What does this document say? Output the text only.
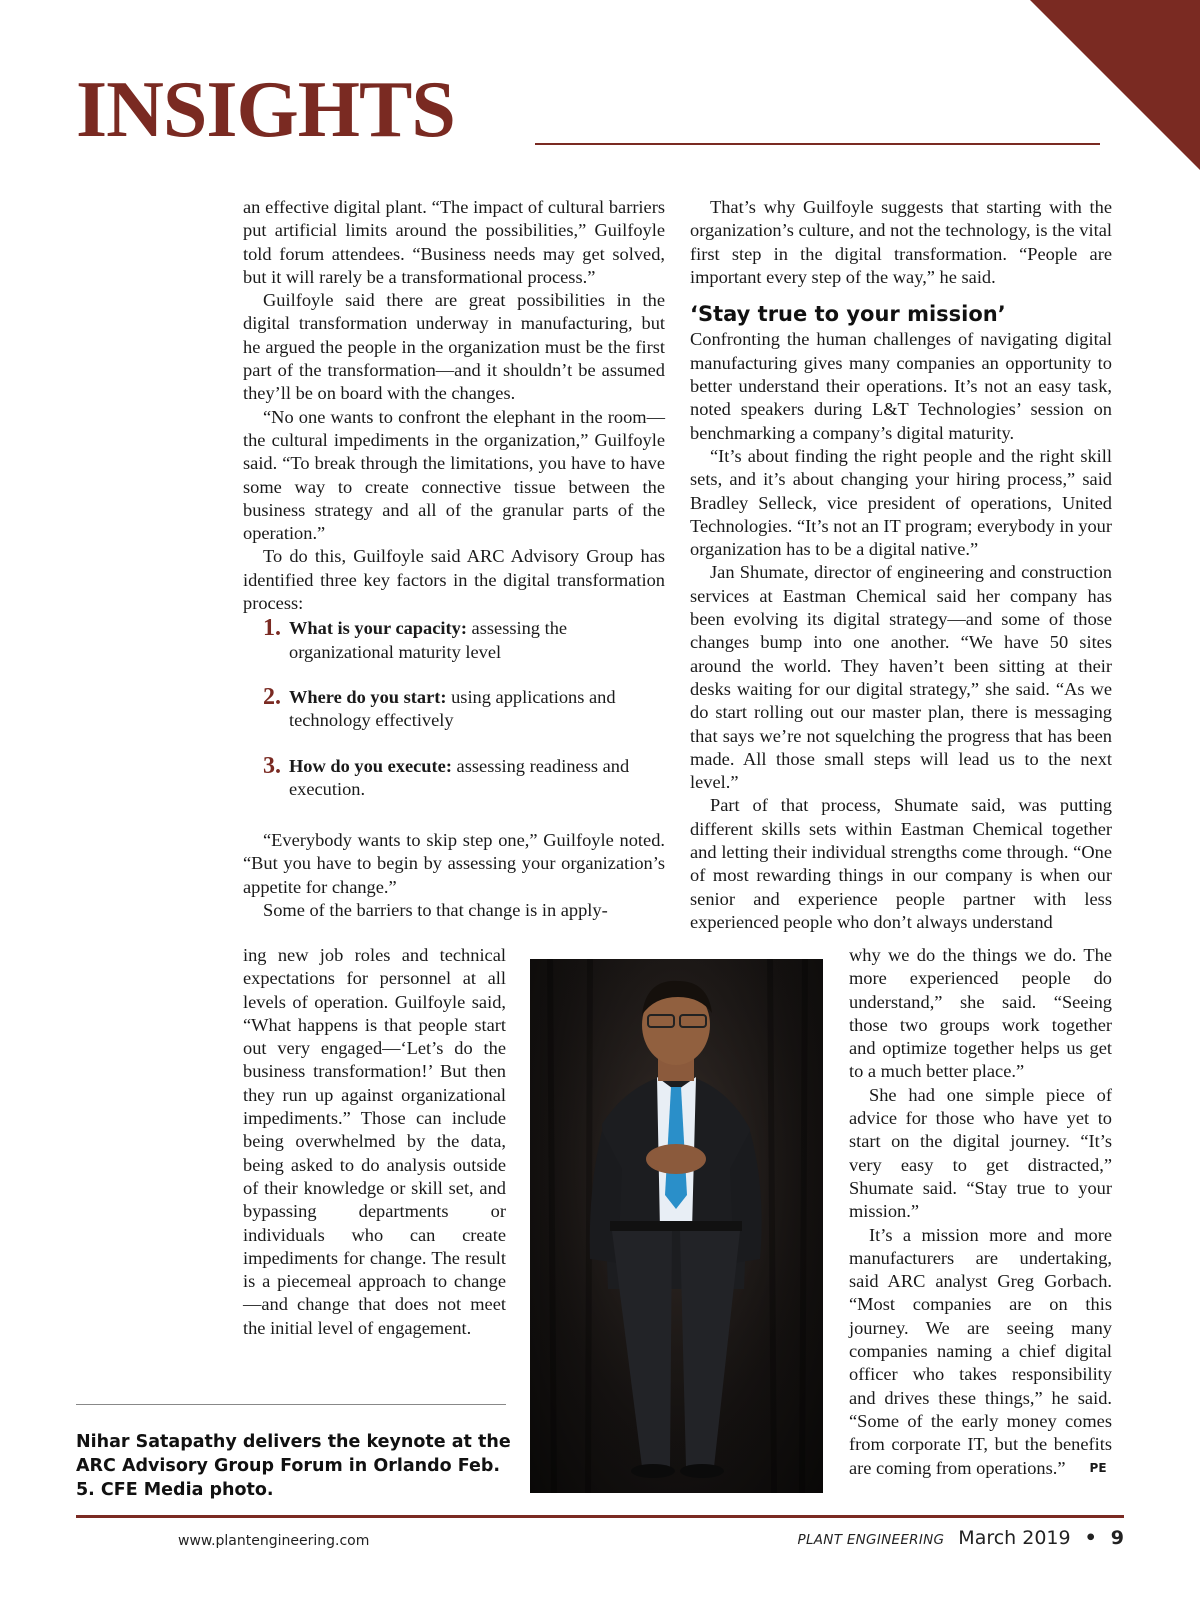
INSIGHTS

an effective digital plant. “The impact of cultural barriers put artificial limits around the possibilities,” Guilfoyle told forum attendees. “Business needs may get solved, but it will rarely be a transformational process.”

Guilfoyle said there are great possibilities in the digital transformation underway in manufacturing, but he argued the people in the organization must be the first part of the transformation—and it shouldn’t be assumed they’ll be on board with the changes.

“No one wants to confront the elephant in the room—the cultural impediments in the organization,” Guilfoyle said. “To break through the limitations, you have to have some way to create connective tissue between the business strategy and all of the granular parts of the operation.”

To do this, Guilfoyle said ARC Advisory Group has identified three key factors in the digital transformation process:

1. What is your capacity: assessing the organizational maturity level
2. Where do you start: using applications and technology effectively
3. How do you execute: assessing readiness and execution.

“Everybody wants to skip step one,” Guilfoyle noted. “But you have to begin by assessing your organization’s appetite for change.”

Some of the barriers to that change is in apply-

ing new job roles and technical expectations for personnel at all levels of operation. Guilfoyle said, “What happens is that people start out very engaged—‘Let’s do the business transformation!’ But then they run up against organizational impediments.” Those can include being overwhelmed by the data, being asked to do analysis outside of their knowledge or skill set, and bypassing departments or individuals who can create impediments for change. The result is a piecemeal approach to change—and change that does not meet the initial level of engagement.

That’s why Guilfoyle suggests that starting with the organization’s culture, and not the technology, is the vital first step in the digital transformation. “People are important every step of the way,” he said.

‘Stay true to your mission’

Confronting the human challenges of navigating digital manufacturing gives many companies an opportunity to better understand their operations. It’s not an easy task, noted speakers during L&T Technologies’ session on benchmarking a company’s digital maturity.

“It’s about finding the right people and the right skill sets, and it’s about changing your hiring process,” said Bradley Selleck, vice president of operations, United Technologies. “It’s not an IT program; everybody in your organization has to be a digital native.”

Jan Shumate, director of engineering and construction services at Eastman Chemical said her company has been evolving its digital strategy—and some of those changes bump into one another. “We have 50 sites around the world. They haven’t been sitting at their desks waiting for our digital strategy,” she said. “As we do start rolling out our master plan, there is messaging that says we’re not squelching the progress that has been made. All those small steps will lead us to the next level.”

Part of that process, Shumate said, was putting different skills sets within Eastman Chemical together and letting their individual strengths come through. “One of most rewarding things in our company is when our senior and experience people partner with less experienced people who don’t always understand

why we do the things we do. The more experienced people do understand,” she said. “Seeing those two groups work together and optimize together helps us get to a much better place.”

She had one simple piece of advice for those who have yet to start on the digital journey. “It’s very easy to get distracted,” Shumate said. “Stay true to your mission.”

It’s a mission more and more manufacturers are undertaking, said ARC analyst Greg Gorbach. “Most companies are on this journey. We are seeing many companies naming a chief digital officer who takes responsibility and drives these things,” he said. “Some of the early money comes from corporate IT, but the benefits are coming from operations.” PE

Nihar Satapathy delivers the keynote at the ARC Advisory Group Forum in Orlando Feb. 5. CFE Media photo.

www.plantengineering.com	PLANT ENGINEERING March 2019 • 9
